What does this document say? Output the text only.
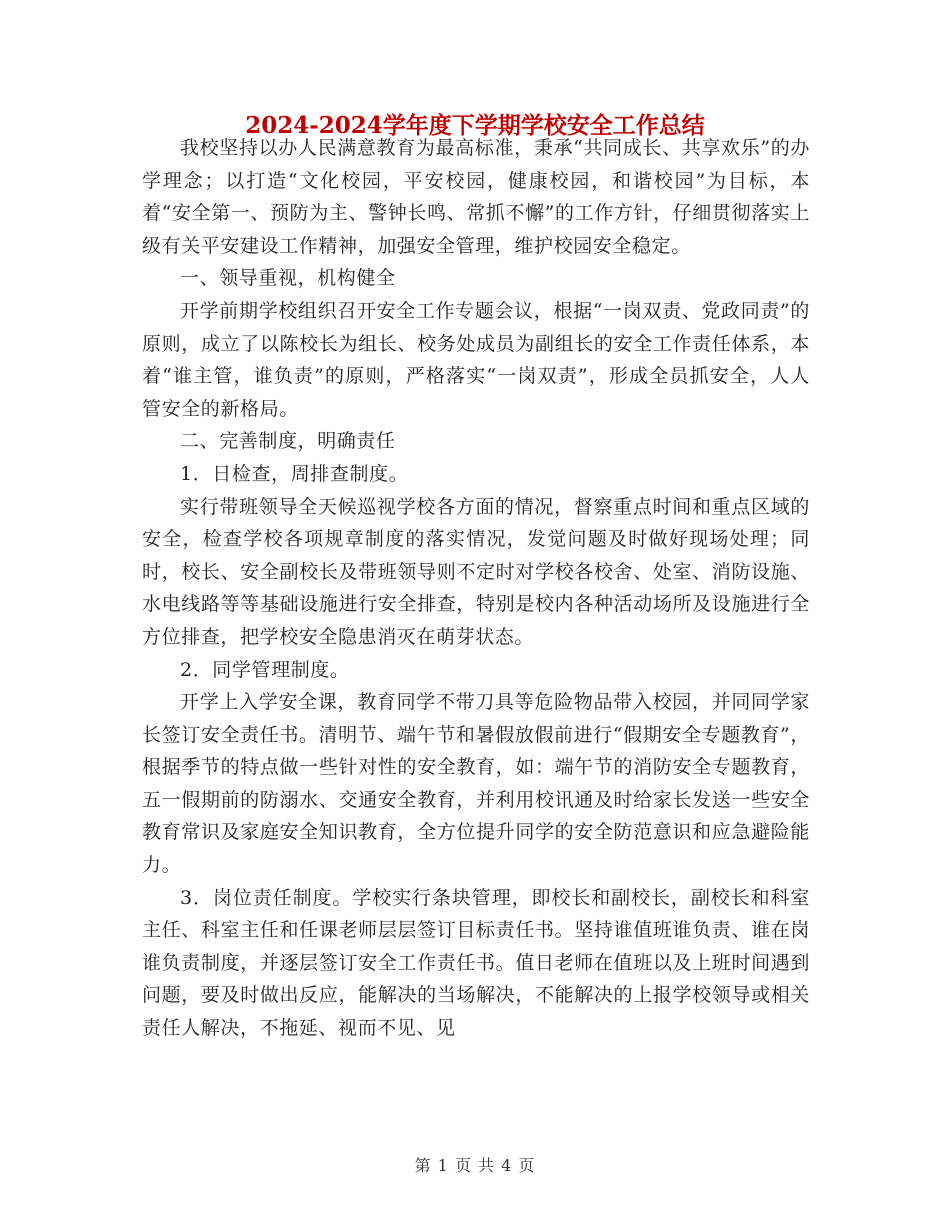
2024-2024学年度下学期学校安全工作总结

我校坚持以办人民满意教育为最高标准，秉承“共同成长、共享欢乐”的办学理念；以打造“文化校园，平安校园，健康校园，和谐校园”为目标，本着“安全第一、预防为主、警钟长鸣、常抓不懈”的工作方针，仔细贯彻落实上级有关平安建设工作精神，加强安全管理，维护校园安全稳定。

一、领导重视，机构健全

开学前期学校组织召开安全工作专题会议，根据“一岗双责、党政同责”的原则，成立了以陈校长为组长、校务处成员为副组长的安全工作责任体系，本着“谁主管，谁负责”的原则，严格落实“一岗双责”，形成全员抓安全，人人管安全的新格局。

二、完善制度，明确责任

1．日检查，周排查制度。

实行带班领导全天候巡视学校各方面的情况，督察重点时间和重点区域的安全，检查学校各项规章制度的落实情况，发觉问题及时做好现场处理；同时，校长、安全副校长及带班领导则不定时对学校各校舍、处室、消防设施、水电线路等等基础设施进行安全排查，特别是校内各种活动场所及设施进行全方位排查，把学校安全隐患消灭在萌芽状态。

2．同学管理制度。

开学上入学安全课，教育同学不带刀具等危险物品带入校园，并同同学家长签订安全责任书。清明节、端午节和暑假放假前进行“假期安全专题教育”，根据季节的特点做一些针对性的安全教育，如：端午节的消防安全专题教育，五一假期前的防溺水、交通安全教育，并利用校讯通及时给家长发送一些安全教育常识及家庭安全知识教育，全方位提升同学的安全防范意识和应急避险能力。

3．岗位责任制度。学校实行条块管理，即校长和副校长，副校长和科室主任、科室主任和任课老师层层签订目标责任书。坚持谁值班谁负责、谁在岗谁负责制度，并逐层签订安全工作责任书。值日老师在值班以及上班时间遇到问题，要及时做出反应，能解决的当场解决，不能解决的上报学校领导或相关责任人解决，不拖延、视而不见、见

第 1 页 共 4 页
